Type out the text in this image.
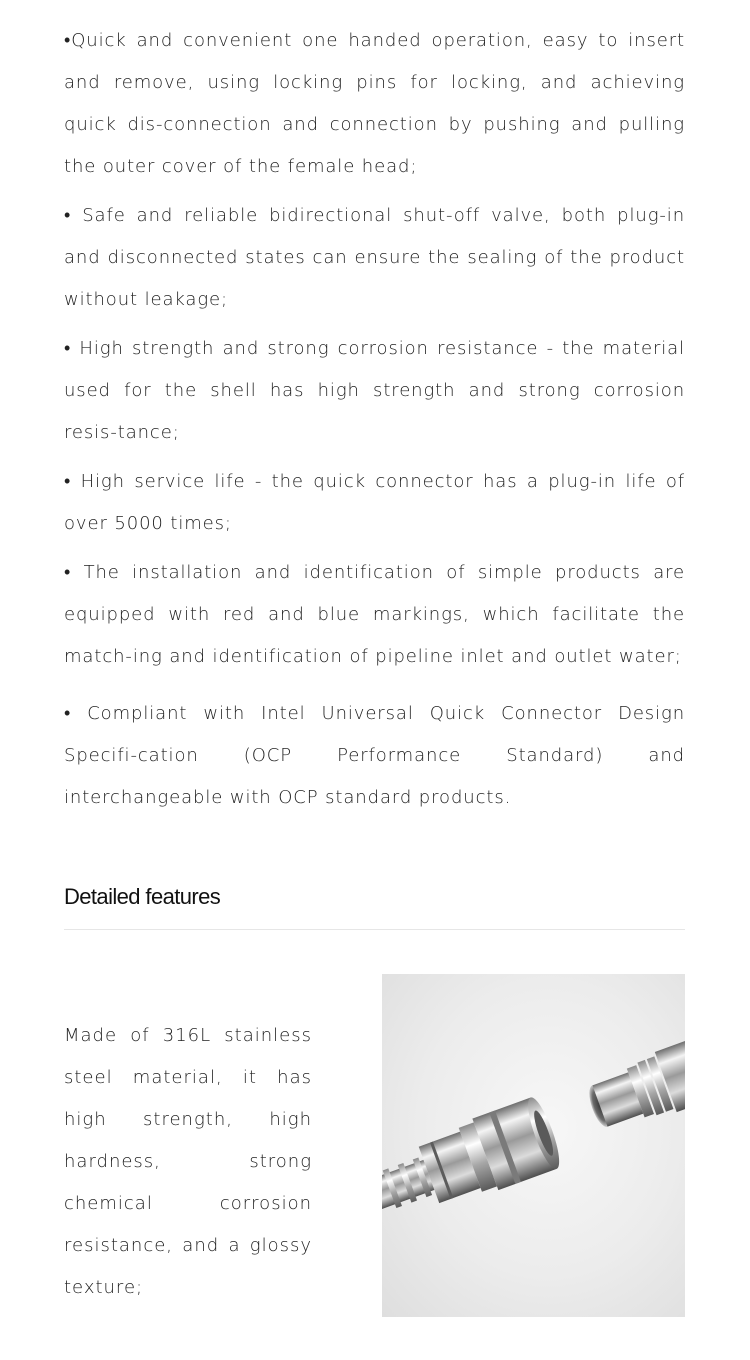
•Quick and convenient one handed operation, easy to insert and remove, using locking pins for locking, and achieving quick dis-connection and connection by pushing and pulling the outer cover of the female head;
• Safe and reliable bidirectional shut-off valve, both plug-in and disconnected states can ensure the sealing of the product without leakage;
• High strength and strong corrosion resistance - the material used for the shell has high strength and strong corrosion resis-tance;
• High service life - the quick connector has a plug-in life of over 5000 times;
• The installation and identification of simple products are equipped with red and blue markings, which facilitate the match-ing and identification of pipeline inlet and outlet water;
• Compliant with Intel Universal Quick Connector Design Specifi-cation (OCP Performance Standard) and interchangeable with OCP standard products.
Detailed features

Made of 316L stainless steel material, it has high strength, high hardness, strong chemical corrosion resistance, and a glossy texture;
